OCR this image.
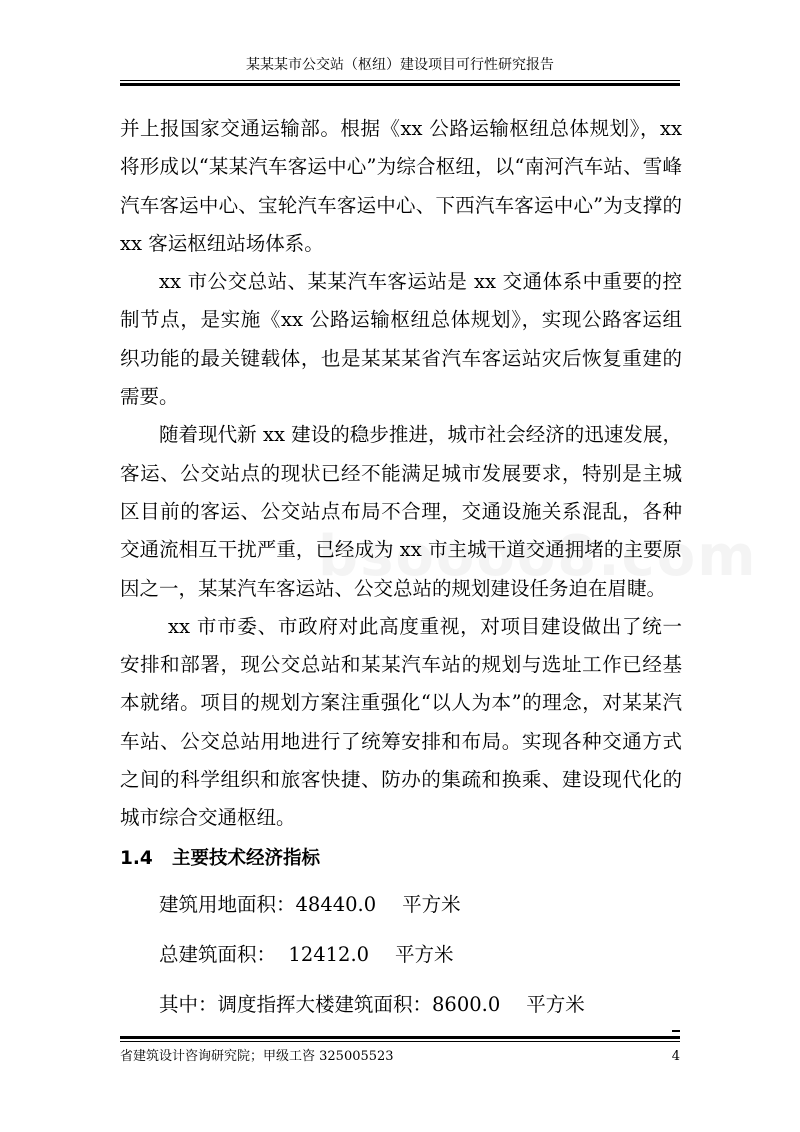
某某某市公交站（枢纽）建设项目可行性研究报告

并上报国家交通运输部。根据《xx 公路运输枢纽总体规划》，xx 将形成以“某某汽车客运中心”为综合枢纽，以“南河汽车站、雪峰汽车客运中心、宝轮汽车客运中心、下西汽车客运中心”为支撑的 xx 客运枢纽站场体系。

xx 市公交总站、某某汽车客运站是 xx 交通体系中重要的控制节点，是实施《xx 公路运输枢纽总体规划》，实现公路客运组织功能的最关键载体，也是某某某省汽车客运站灾后恢复重建的需要。

随着现代新 xx 建设的稳步推进，城市社会经济的迅速发展，客运、公交站点的现状已经不能满足城市发展要求，特别是主城区目前的客运、公交站点布局不合理，交通设施关系混乱，各种交通流相互干扰严重，已经成为 xx 市主城干道交通拥堵的主要原因之一，某某汽车客运站、公交总站的规划建设任务迫在眉睫。

xx 市市委、市政府对此高度重视，对项目建设做出了统一安排和部署，现公交总站和某某汽车站的规划与选址工作已经基本就绪。项目的规划方案注重强化“以人为本”的理念，对某某汽车站、公交总站用地进行了统筹安排和布局。实现各种交通方式之间的科学组织和旅客快捷、防办的集疏和换乘、建设现代化的城市综合交通枢纽。

1.4 主要技术经济指标

建筑用地面积：48440.0 平方米

总建筑面积：  12412.0 平方米

其中：调度指挥大楼建筑面积：8600.0 平方米

省建筑设计咨询研究院；甲级工咨 325005523	4
